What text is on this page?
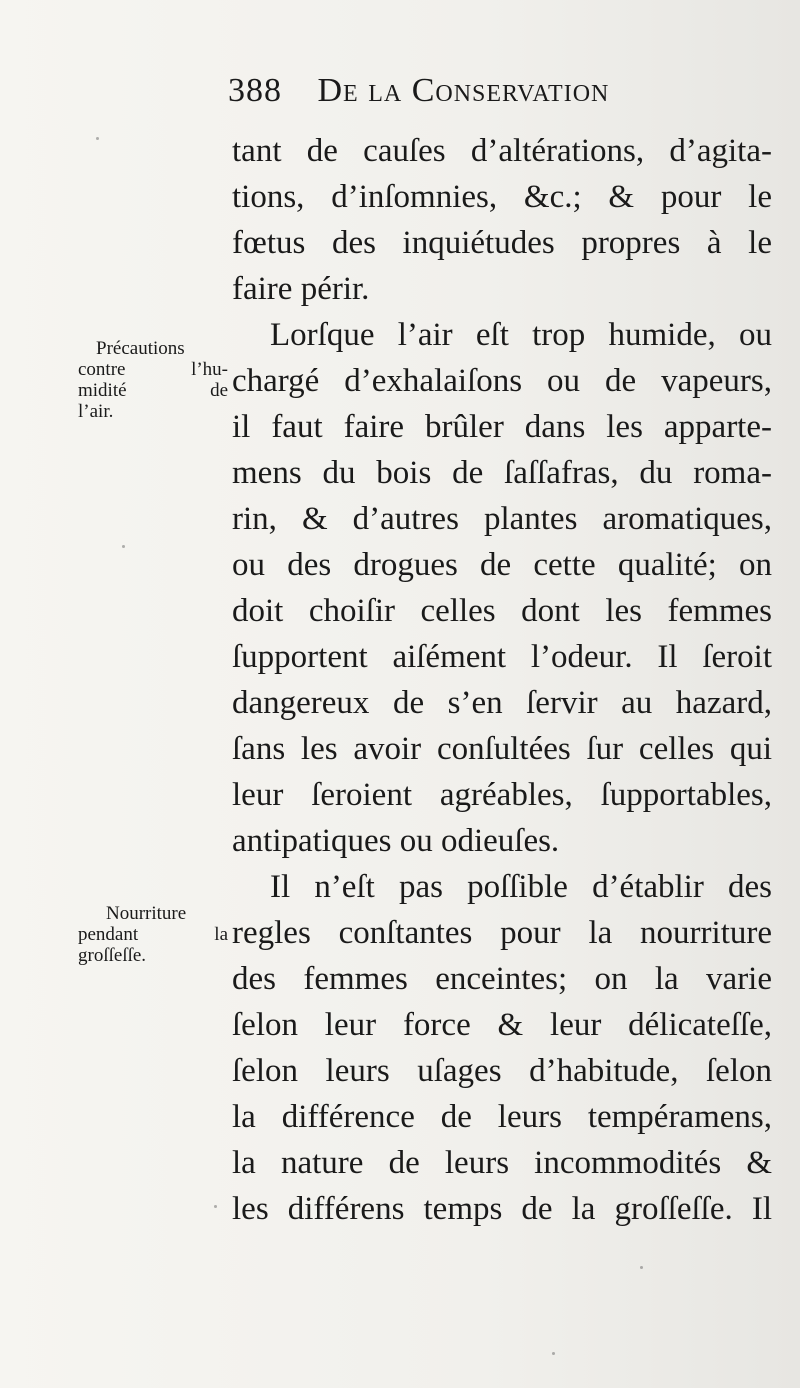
388 De la Conservation
tant de cauſes d’altérations, d’agita-
tions, d’inſomnies, &c.; & pour le
fœtus des inquiétudes propres à le
faire périr.
Lorſque l’air eſt trop humide, ou
chargé d’exhalaiſons ou de vapeurs,
il faut faire brûler dans les apparte-
mens du bois de ſaſſafras, du roma-
rin, & d’autres plantes aromatiques,
ou des drogues de cette qualité; on
doit choiſir celles dont les femmes
ſupportent aiſément l’odeur. Il ſeroit
dangereux de s’en ſervir au hazard,
ſans les avoir conſultées ſur celles qui
leur ſeroient agréables, ſupportables,
antipatiques ou odieuſes.
Il n’eſt pas poſſible d’établir des
regles conſtantes pour la nourriture
des femmes enceintes; on la varie
ſelon leur force & leur délicateſſe,
ſelon leurs uſages d’habitude, ſelon
la différence de leurs tempéramens,
la nature de leurs incommodités &
les différens temps de la groſſeſſe. Il
Précautions
contre l’hu-
midité de
l’air.
Nourriture
pendant la
groſſeſſe.
